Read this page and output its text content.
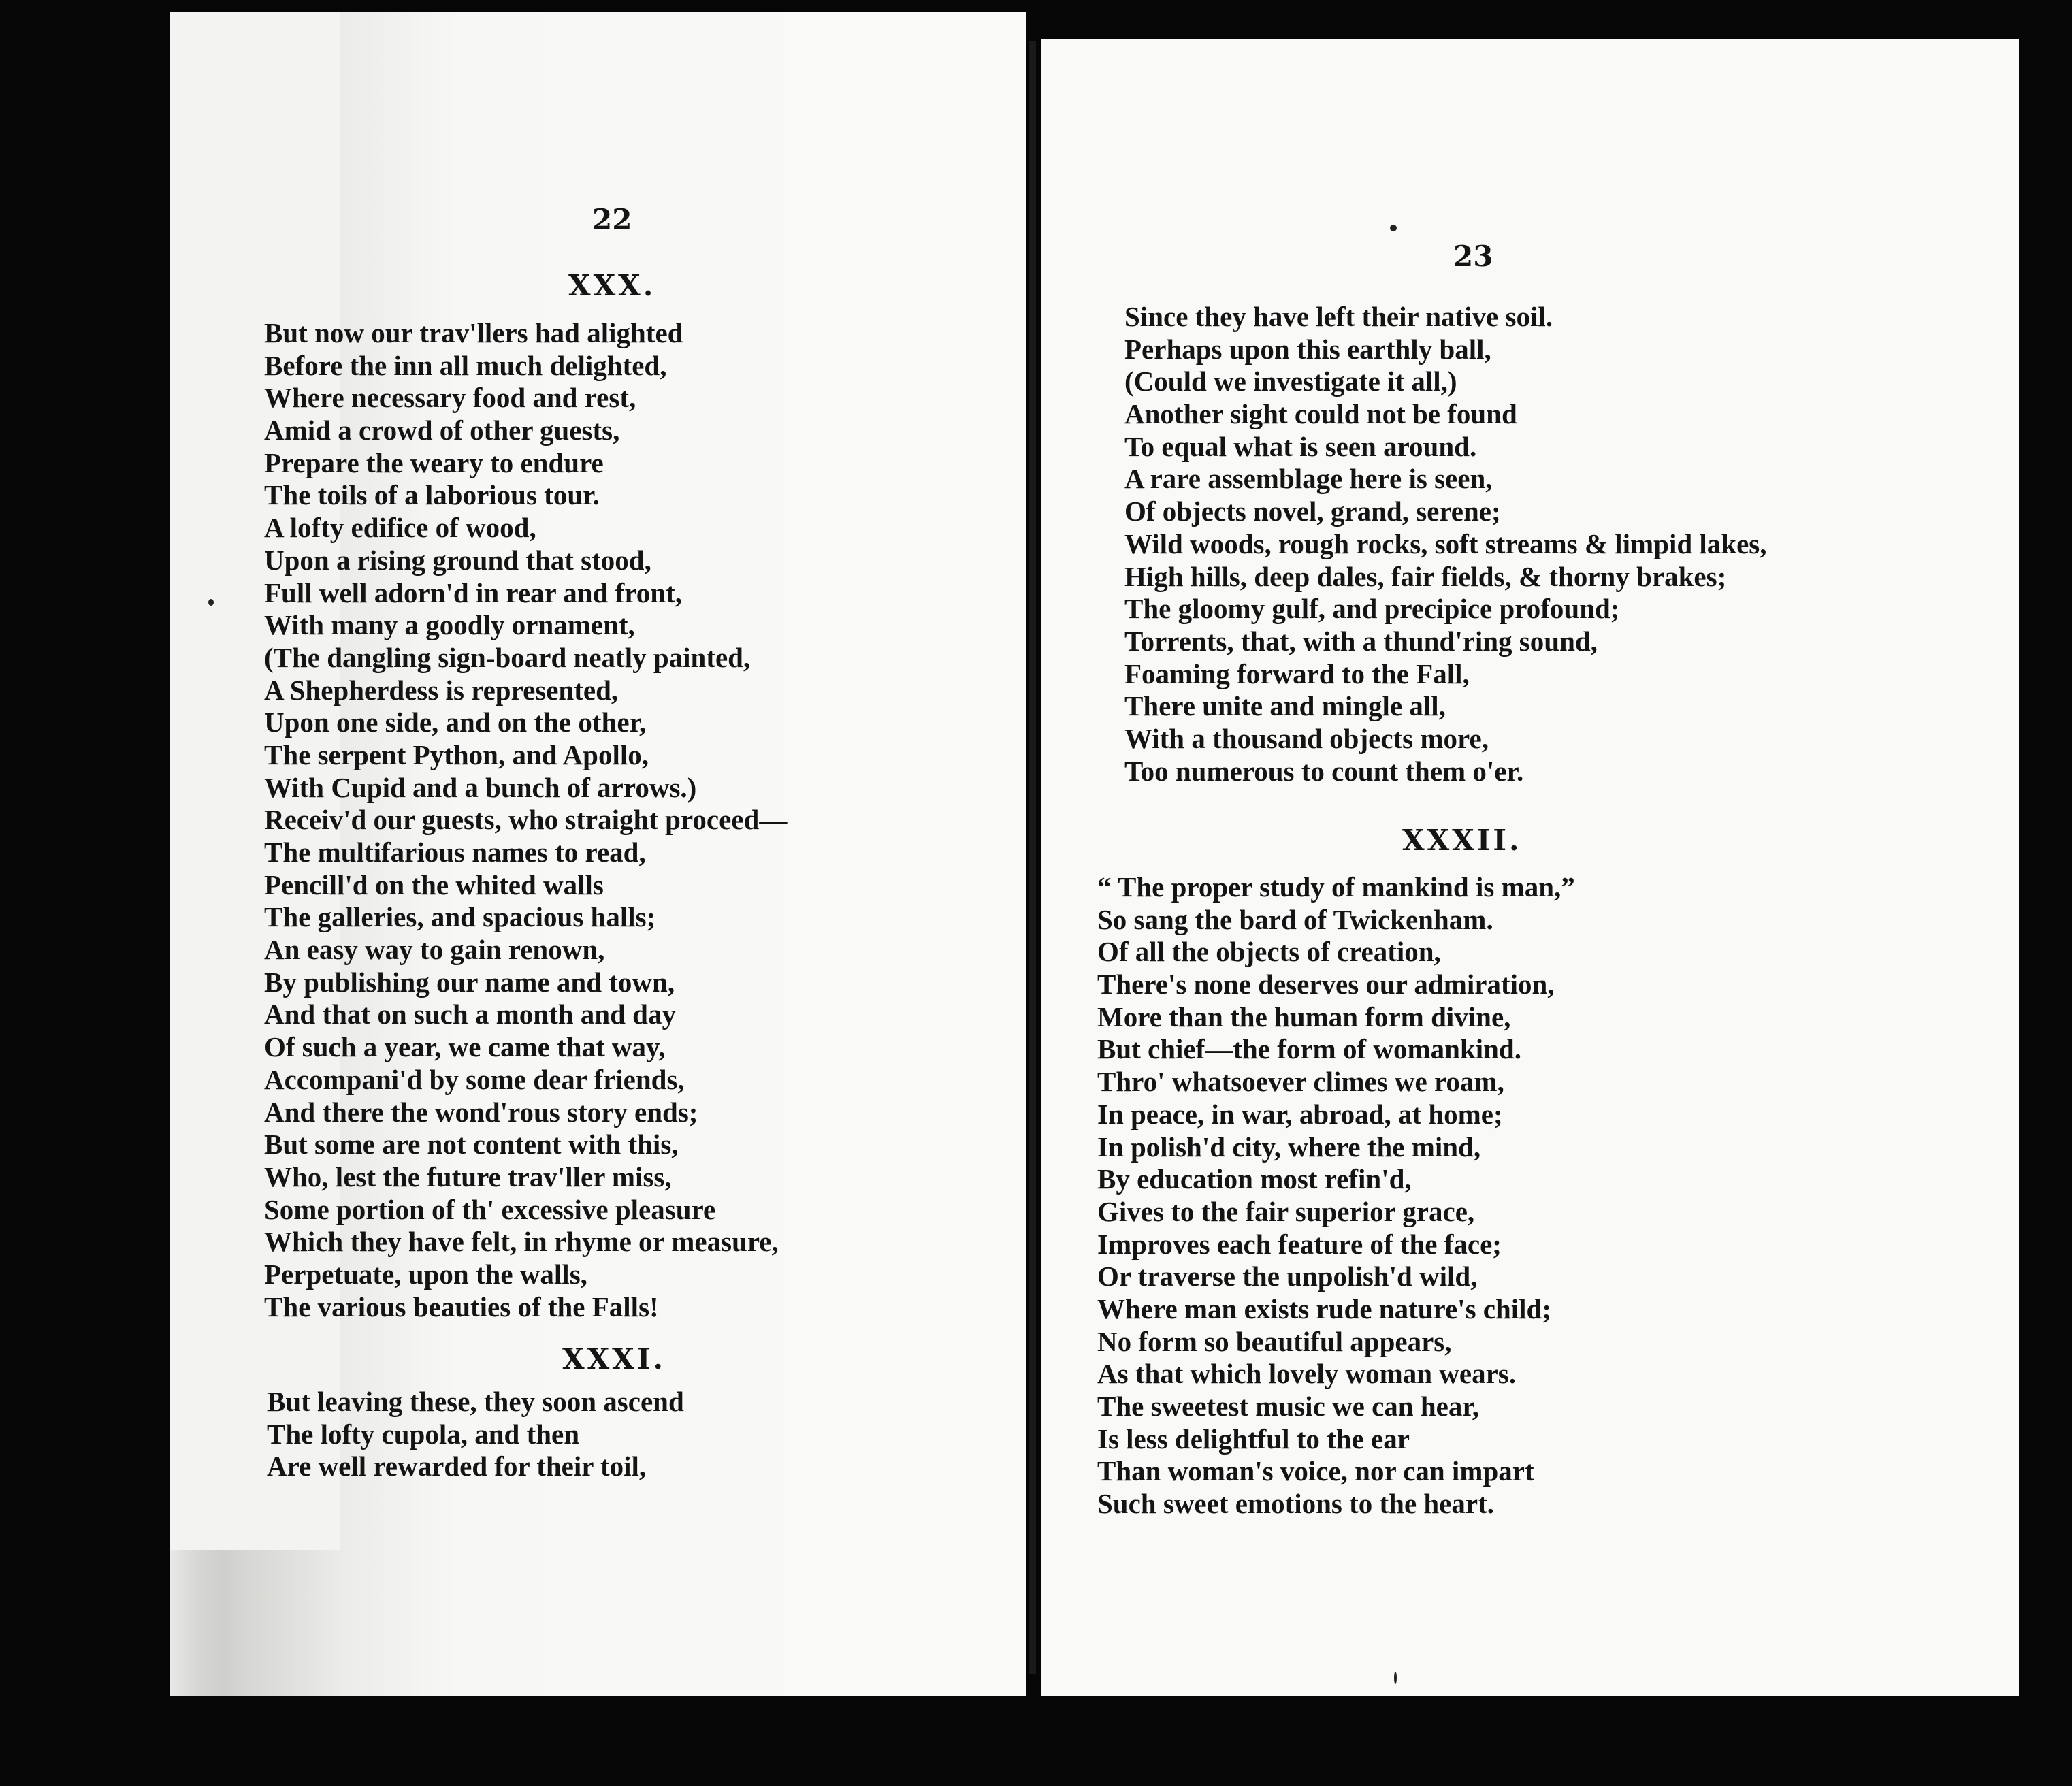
22
XXX.
But now our trav'llers had alighted
Before the inn all much delighted,
Where necessary food and rest,
Amid a crowd of other guests,
Prepare the weary to endure
The toils of a laborious tour.
A lofty edifice of wood,
Upon a rising ground that stood,
Full well adorn'd in rear and front,
With many a goodly ornament,
(The dangling sign-board neatly painted,
A Shepherdess is represented,
Upon one side, and on the other,
The serpent Python, and Apollo,
With Cupid and a bunch of arrows.)
Receiv'd our guests, who straight proceed—
The multifarious names to read,
Pencill'd on the whited walls
The galleries, and spacious halls;
An easy way to gain renown,
By publishing our name and town,
And that on such a month and day
Of such a year, we came that way,
Accompani'd by some dear friends,
And there the wond'rous story ends;
But some are not content with this,
Who, lest the future trav'ller miss,
Some portion of th' excessive pleasure
Which they have felt, in rhyme or measure,
Perpetuate, upon the walls,
The various beauties of the Falls!
XXXI.
But leaving these, they soon ascend
The lofty cupola, and then
Are well rewarded for their toil,
23
Since they have left their native soil.
Perhaps upon this earthly ball,
(Could we investigate it all,)
Another sight could not be found
To equal what is seen around.
A rare assemblage here is seen,
Of objects novel, grand, serene;
Wild woods, rough rocks, soft streams & limpid lakes,
High hills, deep dales, fair fields, & thorny brakes;
The gloomy gulf, and precipice profound;
Torrents, that, with a thund'ring sound,
Foaming forward to the Fall,
There unite and mingle all,
With a thousand objects more,
Too numerous to count them o'er.
XXXII.
“ The proper study of mankind is man,”
So sang the bard of Twickenham.
Of all the objects of creation,
There's none deserves our admiration,
More than the human form divine,
But chief—the form of womankind.
Thro' whatsoever climes we roam,
In peace, in war, abroad, at home;
In polish'd city, where the mind,
By education most refin'd,
Gives to the fair superior grace,
Improves each feature of the face;
Or traverse the unpolish'd wild,
Where man exists rude nature's child;
No form so beautiful appears,
As that which lovely woman wears.
The sweetest music we can hear,
Is less delightful to the ear
Than woman's voice, nor can impart
Such sweet emotions to the heart.
